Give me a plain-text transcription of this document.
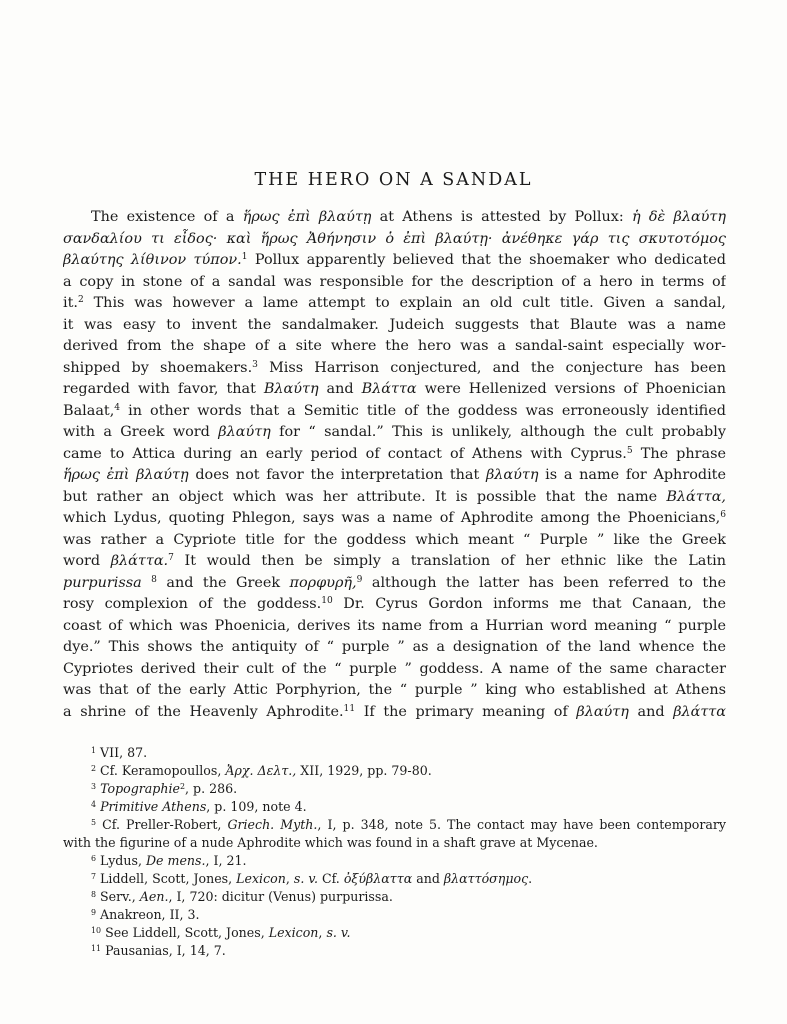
THE HERO ON A SANDAL
The existence of a ἥρως ἐπὶ βλαύτῃ at Athens is attested by Pollux: ἡ δὲ βλαύτη
σανδαλίου τι εἶδος· καὶ ἥρως Ἀθήνησιν ὁ ἐπὶ βλαύτῃ· ἀνέθηκε γάρ τις σκυτοτόμος
βλαύτης λίθινον τύπον.$^1$ Pollux apparently believed that the shoemaker who dedicated
a copy in stone of a sandal was responsible for the description of a hero in terms of
it.$^2$ This was however a lame attempt to explain an old cult title. Given a sandal,
it was easy to invent the sandalmaker. Judeich suggests that Blaute was a name
derived from the shape of a site where the hero was a sandal-saint especially wor-
shipped by shoemakers.$^3$ Miss Harrison conjectured, and the conjecture has been
regarded with favor, that Βλαύτη and Βλάττα were Hellenized versions of Phoenician
Balaat,$^4$ in other words that a Semitic title of the goddess was erroneously identified
with a Greek word βλαύτη for “ sandal.” This is unlikely, although the cult probably
came to Attica during an early period of contact of Athens with Cyprus.$^5$ The phrase
ἥρως ἐπὶ βλαύτῃ does not favor the interpretation that βλαύτη is a name for Aphrodite
but rather an object which was her attribute. It is possible that the name Βλάττα,
which Lydus, quoting Phlegon, says was a name of Aphrodite among the Phoenicians,$^6$
was rather a Cypriote title for the goddess which meant “ Purple ” like the Greek
word βλάττα.$^7$ It would then be simply a translation of her ethnic like the Latin
purpurissa $^8$ and the Greek πορφυρῆ,$^9$ although the latter has been referred to the
rosy complexion of the goddess.$^{10}$ Dr. Cyrus Gordon informs me that Canaan, the
coast of which was Phoenicia, derives its name from a Hurrian word meaning “ purple
dye.” This shows the antiquity of “ purple ” as a designation of the land whence the
Cypriotes derived their cult of the “ purple ” goddess. A name of the same character
was that of the early Attic Porphyrion, the “ purple ” king who established at Athens
a shrine of the Heavenly Aphrodite.$^{11}$ If the primary meaning of βλαύτη and βλάττα
$^1$ VII, 87.
$^2$ Cf. Keramopoullos, Ἀρχ. Δελτ., XII, 1929, pp. 79-80.
$^3$ Topographie$^2$, p. 286.
$^4$ Primitive Athens, p. 109, note 4.
$^5$ Cf. Preller-Robert, Griech. Myth., I, p. 348, note 5. The contact may have been contemporary
with the figurine of a nude Aphrodite which was found in a shaft grave at Mycenae.
$^6$ Lydus, De mens., I, 21.
$^7$ Liddell, Scott, Jones, Lexicon, s. v. Cf. ὀξύβλαττα and βλαττόσημος.
$^8$ Serv., Aen., I, 720: dicitur (Venus) purpurissa.
$^9$ Anakreon, II, 3.
$^{10}$ See Liddell, Scott, Jones, Lexicon, s. v.
$^{11}$ Pausanias, I, 14, 7.
